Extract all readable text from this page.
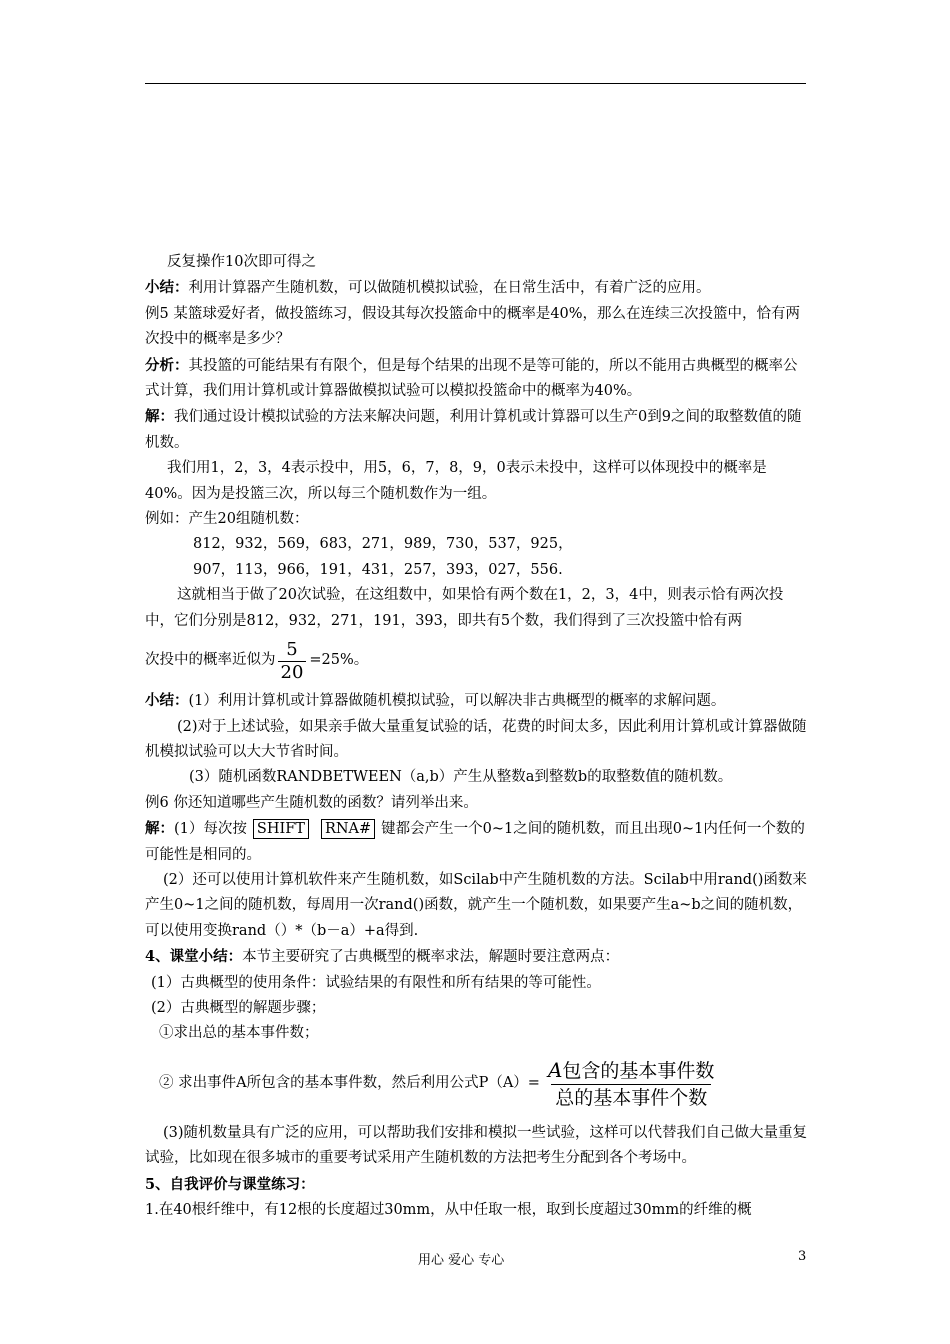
反复操作10次即可得之

小结：利用计算器产生随机数，可以做随机模拟试验，在日常生活中，有着广泛的应用。

例5 某篮球爱好者，做投篮练习，假设其每次投篮命中的概率是40%，那么在连续三次投篮中，恰有两次投中的概率是多少？

分析：其投篮的可能结果有有限个，但是每个结果的出现不是等可能的，所以不能用古典概型的概率公式计算，我们用计算机或计算器做模拟试验可以模拟投篮命中的概率为40%。

解：我们通过设计模拟试验的方法来解决问题，利用计算机或计算器可以生产0到9之间的取整数值的随机数。

我们用1，2，3，4表示投中，用5，6，7，8，9，0表示未投中，这样可以体现投中的概率是40%。因为是投篮三次，所以每三个随机数作为一组。

例如：产生20组随机数：

812，932，569，683，271，989，730，537，925，

907，113，966，191，431，257，393，027，556.

这就相当于做了20次试验，在这组数中，如果恰有两个数在1，2，3，4中，则表示恰有两次投中，它们分别是812，932，271，191，393，即共有5个数，我们得到了三次投篮中恰有两

次投中的概率近似为 $\frac{5}{20} =25\%$。

小结：(1）利用计算机或计算器做随机模拟试验，可以解决非古典概型的概率的求解问题。

(2)对于上述试验，如果亲手做大量重复试验的话，花费的时间太多，因此利用计算机或计算器做随机模拟试验可以大大节省时间。

(3）随机函数RANDBETWEEN（a,b）产生从整数a到整数b的取整数值的随机数。

例6 你还知道哪些产生随机数的函数？请列举出来。

解：(1）每次按 SHIFT RNA# 键都会产生一个0~1之间的随机数，而且出现0~1内任何一个数的可能性是相同的。

(2）还可以使用计算机软件来产生随机数，如Scilab中产生随机数的方法。Scilab中用rand()函数来产生0~1之间的随机数，每周用一次rand()函数，就产生一个随机数，如果要产生a~b之间的随机数，可以使用变换rand（）*（b－a）+a得到.

4、课堂小结：本节主要研究了古典概型的概率求法，解题时要注意两点：

(1）古典概型的使用条件：试验结果的有限性和所有结果的等可能性。

(2）古典概型的解题步骤；

①求出总的基本事件数；

② 求出事件A所包含的基本事件数，然后利用公式$P(A)= \frac{\text{A包含的基本事件数}}{\text{总的基本事件个数}}$

(3)随机数量具有广泛的应用，可以帮助我们安排和模拟一些试验，这样可以代替我们自己做大量重复试验，比如现在很多城市的重要考试采用产生随机数的方法把考生分配到各个考场中。

5、自我评价与课堂练习：

1.在40根纤维中，有12根的长度超过30mm，从中任取一根，取到长度超过30mm的纤维的概

用心 爱心 专心	3
